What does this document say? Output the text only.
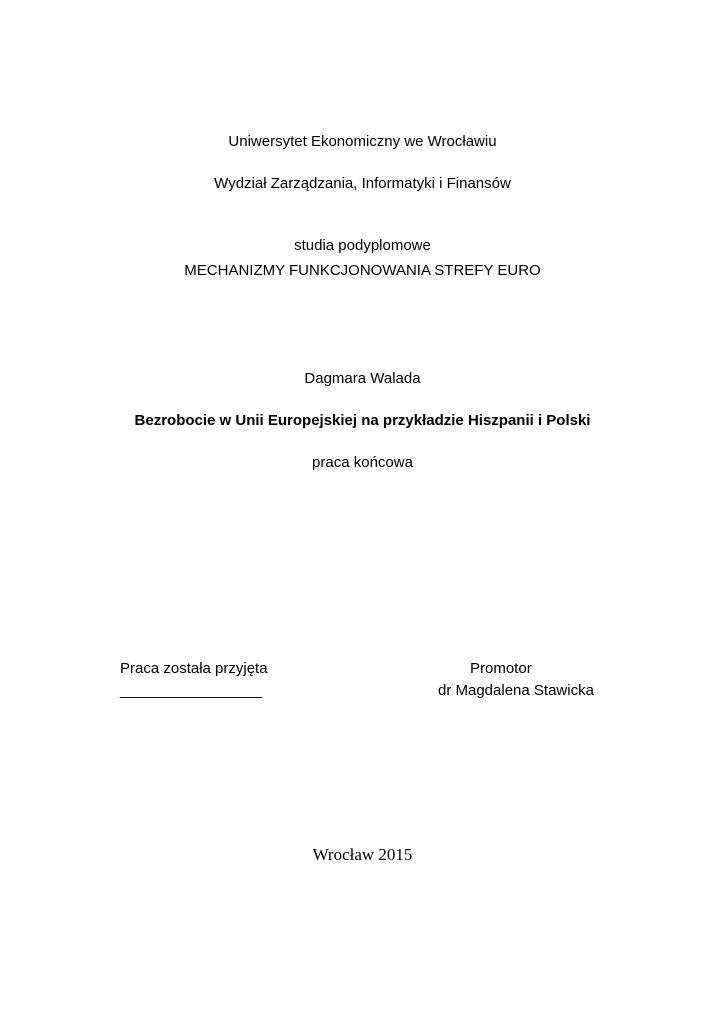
Uniwersytet Ekonomiczny we Wrocławiu
Wydział Zarządzania, Informatyki i Finansów
studia podyplomowe
MECHANIZMY FUNKCJONOWANIA STREFY EURO
Dagmara Walada
Bezrobocie w Unii Europejskiej na przykładzie Hiszpanii i Polski
praca końcowa
Praca została przyjęta
_________________
Promotor
dr Magdalena Stawicka
Wrocław 2015
